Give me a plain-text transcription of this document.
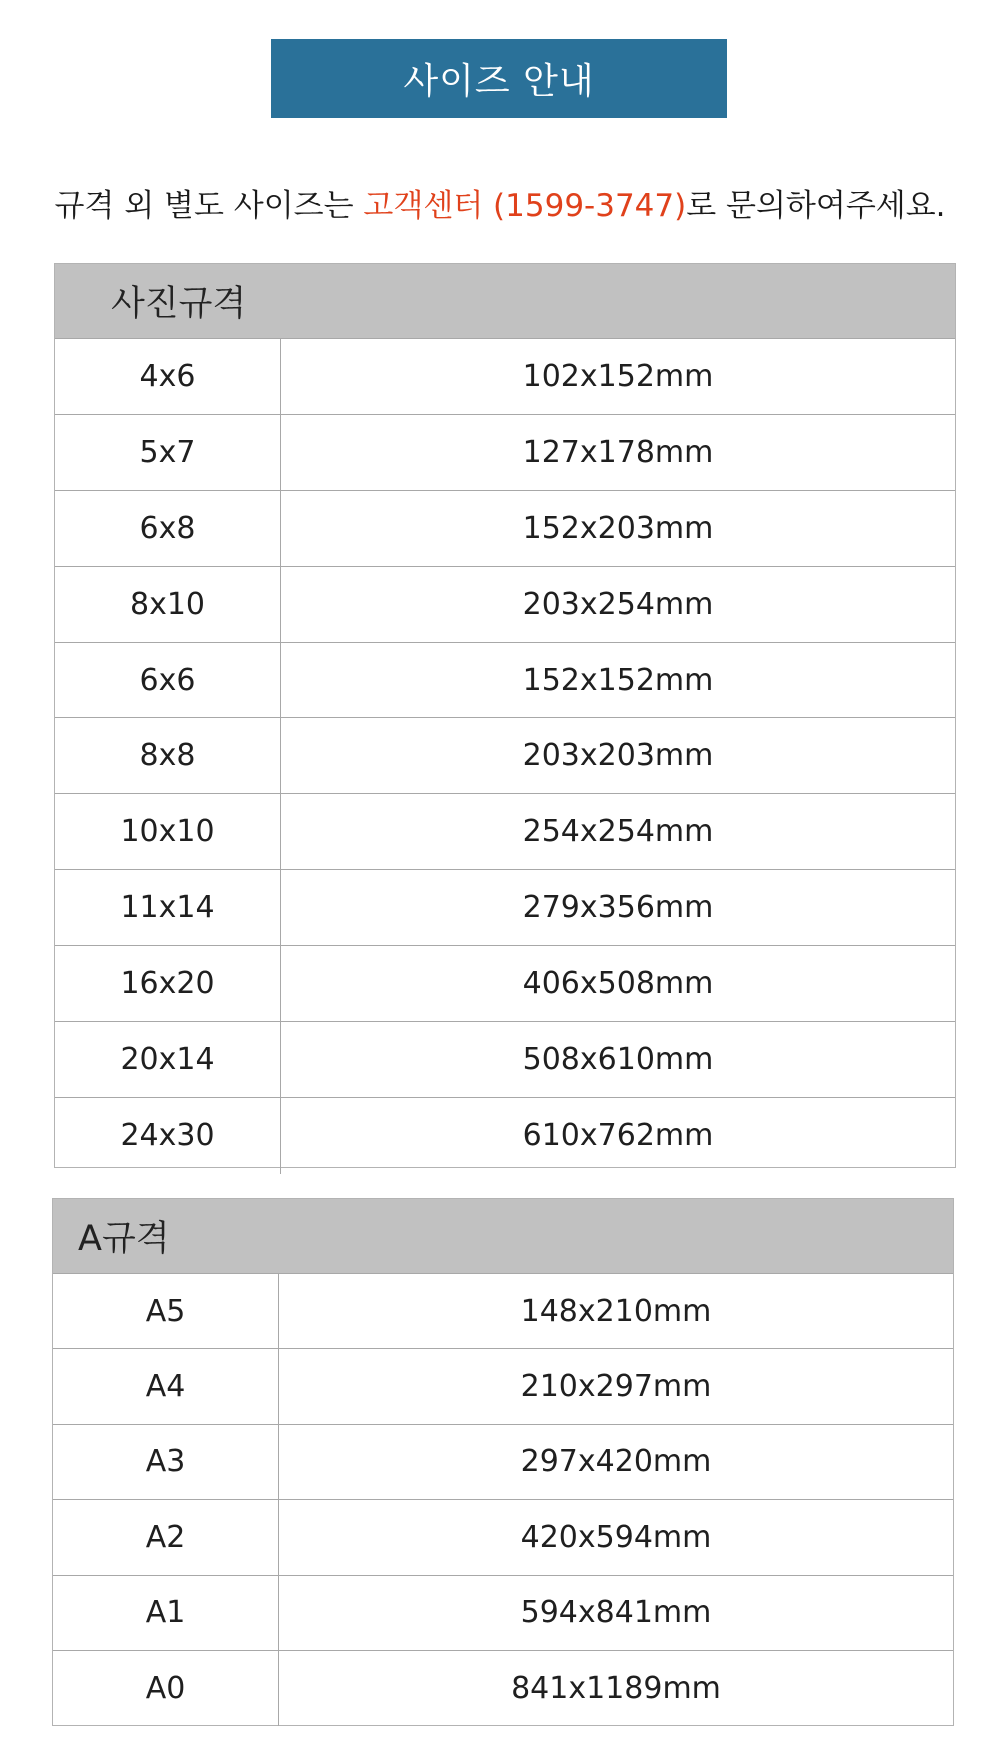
사이즈 안내
규격 외 별도 사이즈는 고객센터 (1599-3747)로 문의하여주세요.
사진규격
4x6	102x152mm
5x7	127x178mm
6x8	152x203mm
8x10	203x254mm
6x6	152x152mm
8x8	203x203mm
10x10	254x254mm
11x14	279x356mm
16x20	406x508mm
20x14	508x610mm
24x30	610x762mm
A규격
A5	148x210mm
A4	210x297mm
A3	297x420mm
A2	420x594mm
A1	594x841mm
A0	841x1189mm
